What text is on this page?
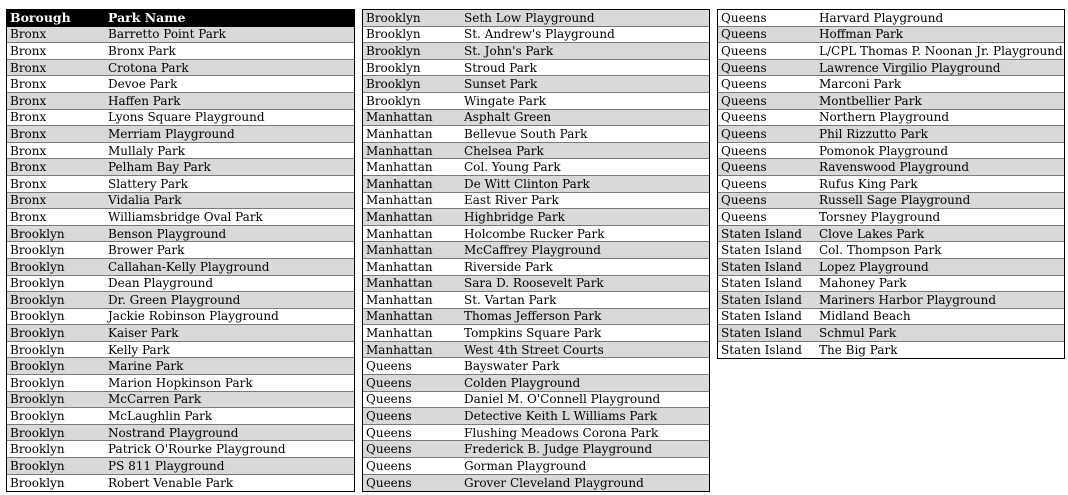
Borough	Park Name
Bronx	Barretto Point Park
Bronx	Bronx Park
Bronx	Crotona Park
Bronx	Devoe Park
Bronx	Haffen Park
Bronx	Lyons Square Playground
Bronx	Merriam Playground
Bronx	Mullaly Park
Bronx	Pelham Bay Park
Bronx	Slattery Park
Bronx	Vidalia Park
Bronx	Williamsbridge Oval Park
Brooklyn	Benson Playground
Brooklyn	Brower Park
Brooklyn	Callahan-Kelly Playground
Brooklyn	Dean Playground
Brooklyn	Dr. Green Playground
Brooklyn	Jackie Robinson Playground
Brooklyn	Kaiser Park
Brooklyn	Kelly Park
Brooklyn	Marine Park
Brooklyn	Marion Hopkinson Park
Brooklyn	McCarren Park
Brooklyn	McLaughlin Park
Brooklyn	Nostrand Playground
Brooklyn	Patrick O'Rourke Playground
Brooklyn	PS 811 Playground
Brooklyn	Robert Venable Park
Brooklyn	Seth Low Playground
Brooklyn	St. Andrew's Playground
Brooklyn	St. John's Park
Brooklyn	Stroud Park
Brooklyn	Sunset Park
Brooklyn	Wingate Park
Manhattan	Asphalt Green
Manhattan	Bellevue South Park
Manhattan	Chelsea Park
Manhattan	Col. Young Park
Manhattan	De Witt Clinton Park
Manhattan	East River Park
Manhattan	Highbridge Park
Manhattan	Holcombe Rucker Park
Manhattan	McCaffrey Playground
Manhattan	Riverside Park
Manhattan	Sara D. Roosevelt Park
Manhattan	St. Vartan Park
Manhattan	Thomas Jefferson Park
Manhattan	Tompkins Square Park
Manhattan	West 4th Street Courts
Queens	Bayswater Park
Queens	Colden Playground
Queens	Daniel M. O'Connell Playground
Queens	Detective Keith L Williams Park
Queens	Flushing Meadows Corona Park
Queens	Frederick B. Judge Playground
Queens	Gorman Playground
Queens	Grover Cleveland Playground
Queens	Harvard Playground
Queens	Hoffman Park
Queens	L/CPL Thomas P. Noonan Jr. Playground
Queens	Lawrence Virgilio Playground
Queens	Marconi Park
Queens	Montbellier Park
Queens	Northern Playground
Queens	Phil Rizzutto Park
Queens	Pomonok Playground
Queens	Ravenswood Playground
Queens	Rufus King Park
Queens	Russell Sage Playground
Queens	Torsney Playground
Staten Island	Clove Lakes Park
Staten Island	Col. Thompson Park
Staten Island	Lopez Playground
Staten Island	Mahoney Park
Staten Island	Mariners Harbor Playground
Staten Island	Midland Beach
Staten Island	Schmul Park
Staten Island	The Big Park
